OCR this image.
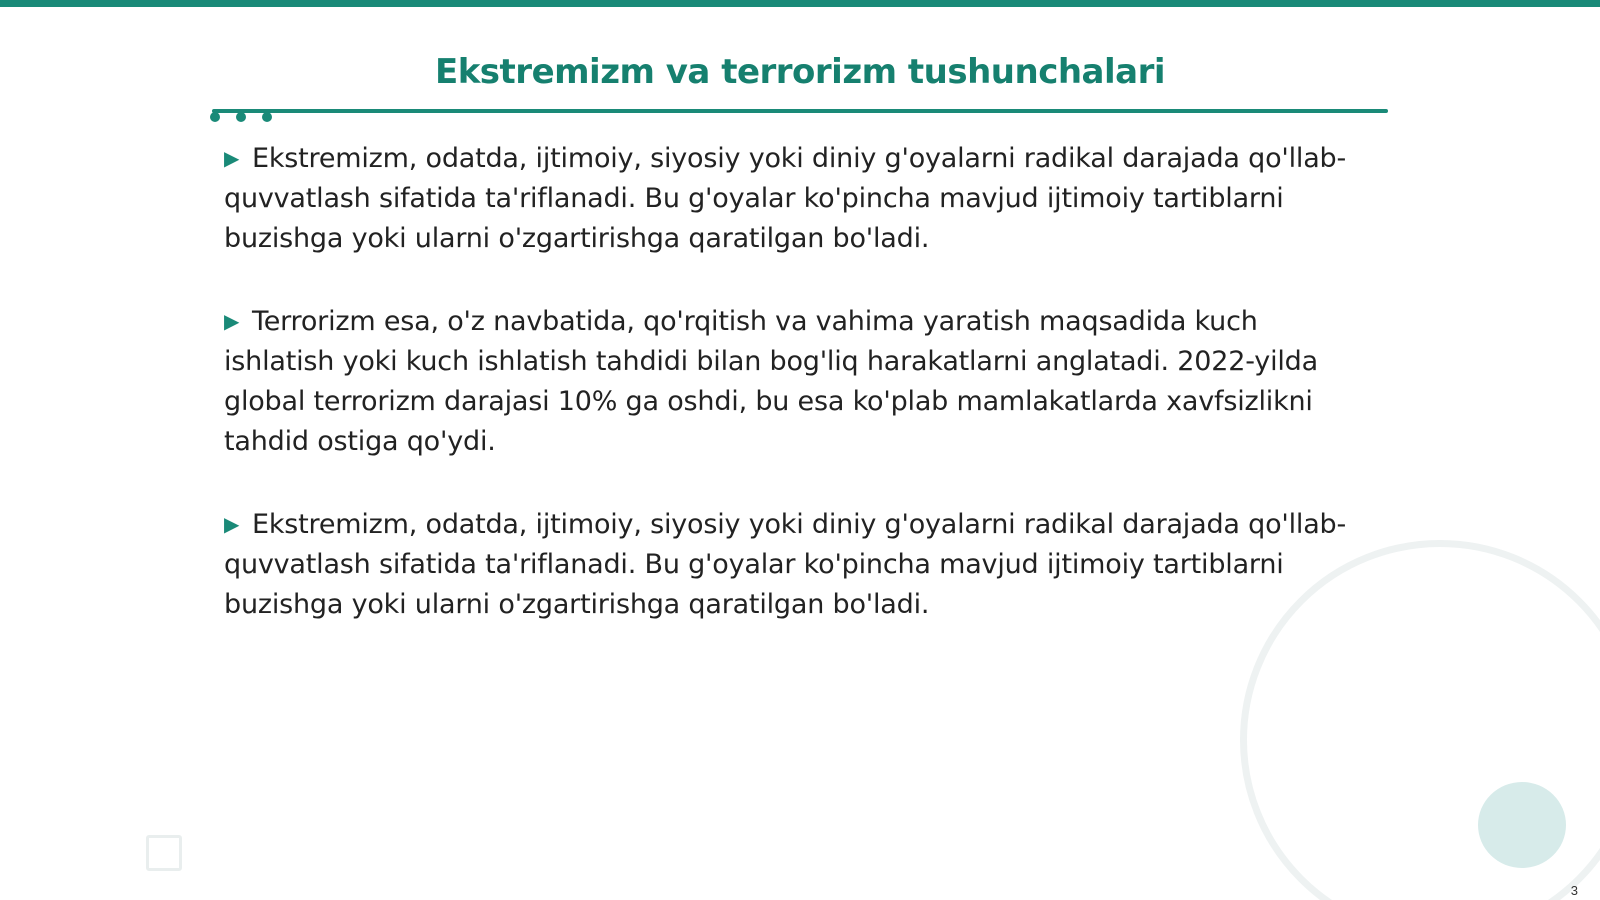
Ekstremizm va terrorizm tushunchalari

▶ Ekstremizm, odatda, ijtimoiy, siyosiy yoki diniy g'oyalarni radikal darajada qo'llab-quvvatlash sifatida ta'riflanadi. Bu g'oyalar ko'pincha mavjud ijtimoiy tartiblarni buzishga yoki ularni o'zgartirishga qaratilgan bo'ladi.

▶ Terrorizm esa, o'z navbatida, qo'rqitish va vahima yaratish maqsadida kuch ishlatish yoki kuch ishlatish tahdidi bilan bog'liq harakatlarni anglatadi. 2022-yilda global terrorizm darajasi 10% ga oshdi, bu esa ko'plab mamlakatlarda xavfsizlikni tahdid ostiga qo'ydi.

▶ Ekstremizm, odatda, ijtimoiy, siyosiy yoki diniy g'oyalarni radikal darajada qo'llab-quvvatlash sifatida ta'riflanadi. Bu g'oyalar ko'pincha mavjud ijtimoiy tartiblarni buzishga yoki ularni o'zgartirishga qaratilgan bo'ladi.

3
